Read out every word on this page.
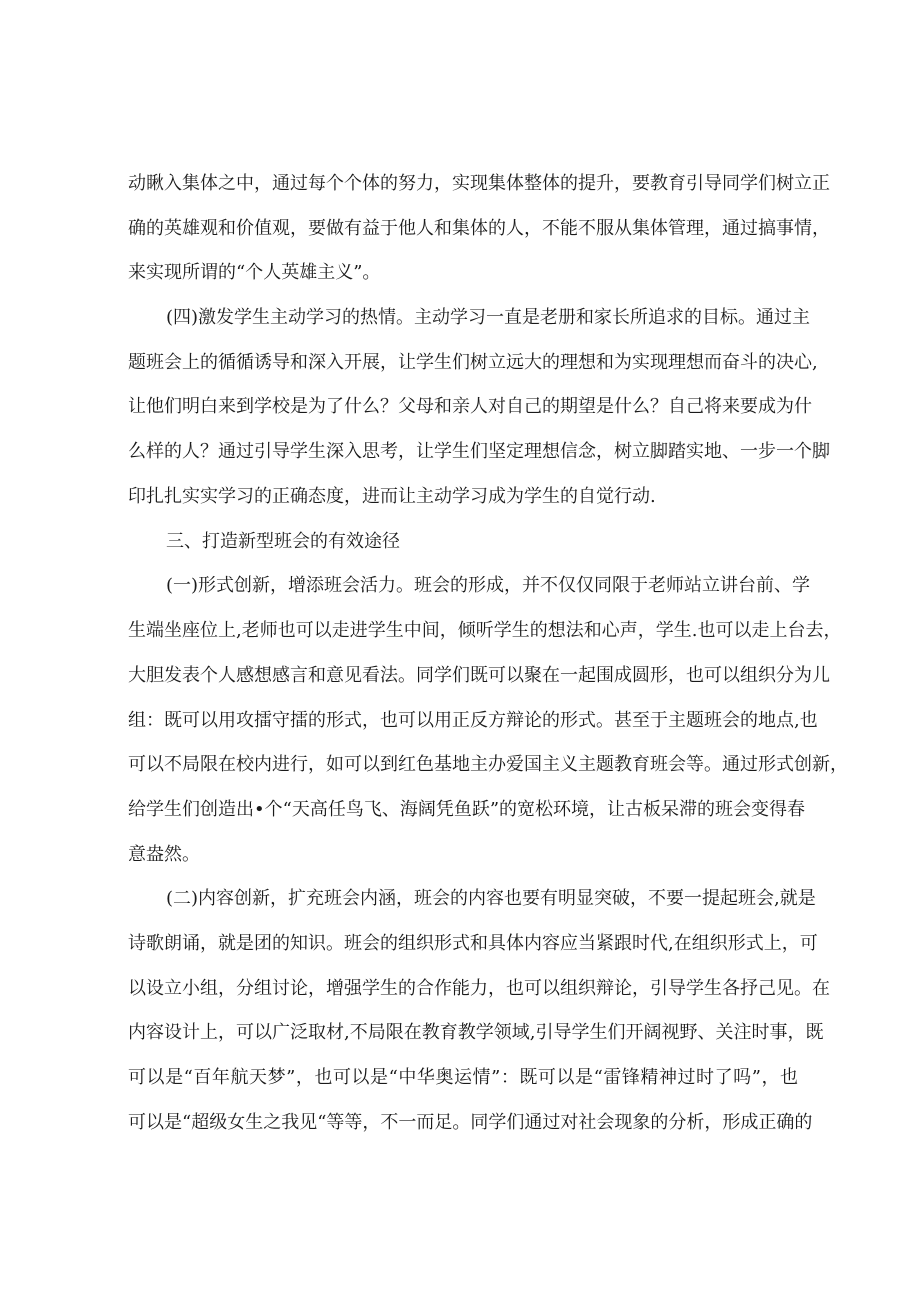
动瞅入集体之中，通过每个个体的努力，实现集体整体的提升，要教育引导同学们树立正
确的英雄观和价值观，要做有益于他人和集体的人，不能不服从集体管理，通过搞事情，
来实现所谓的“个人英雄主义”。
(四)激发学生主动学习的热情。主动学习一直是老册和家长所追求的目标。通过主
题班会上的循循诱导和深入开展，让学生们树立远大的理想和为实现理想而奋斗的决心,
让他们明白来到学校是为了什么？父母和亲人对自己的期望是什么？自己将来要成为什
么样的人？通过引导学生深入思考，让学生们坚定理想信念，树立脚踏实地、一步一个脚
印扎扎实实学习的正确态度，进而让主动学习成为学生的自觉行动.
三、打造新型班会的有效途径
(一)形式创新，增添班会活力。班会的形成，并不仅仅同限于老师站立讲台前、学
生端坐座位上,老师也可以走进学生中间，倾听学生的想法和心声，学生.也可以走上台去，
大胆发表个人感想感言和意见看法。同学们既可以聚在一起围成圆形，也可以组织分为儿
组：既可以用攻擂守擂的形式，也可以用正反方辩论的形式。甚至于主题班会的地点,也
可以不局限在校内进行，如可以到红色基地主办爱国主义主题教育班会等。通过形式创新，
给学生们创造出•个“天高任鸟飞、海阔凭鱼跃”的宽松环境，让古板呆滞的班会变得春
意盎然。
(二)内容创新，扩充班会内涵，班会的内容也要有明显突破，不要一提起班会,就是
诗歌朗诵，就是团的知识。班会的组织形式和具体内容应当紧跟时代,在组织形式上，可
以设立小组，分组讨论，增强学生的合作能力，也可以组织辩论，引导学生各抒己见。在
内容设计上，可以广泛取材,不局限在教育教学领域,引导学生们开阔视野、关注时事，既
可以是“百年航天梦”，也可以是“中华奥运情”：既可以是“雷锋精神过时了吗”，也
可以是“超级女生之我见“等等，不一而足。同学们通过对社会现象的分析，形成正确的
